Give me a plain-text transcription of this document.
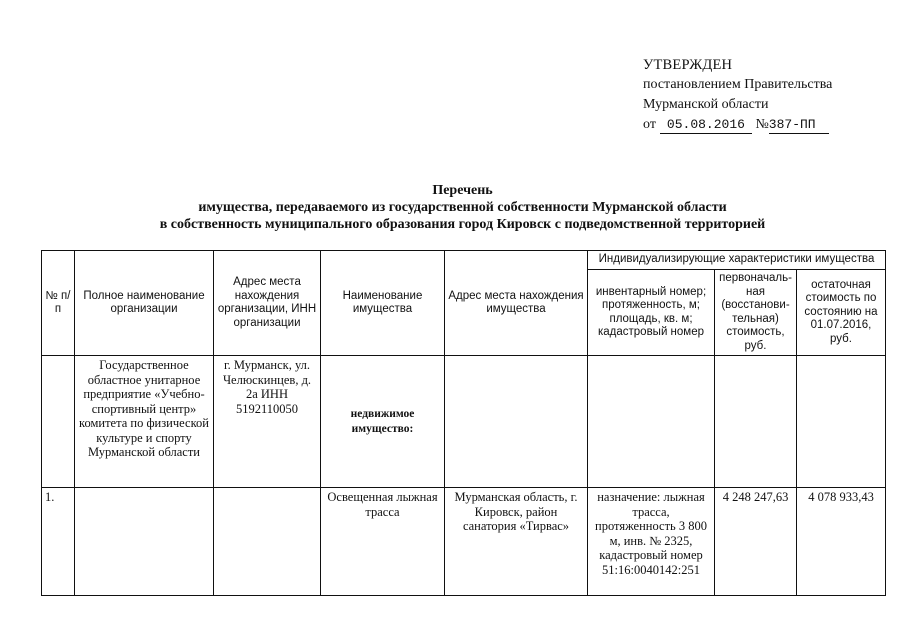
УТВЕРЖДЕН
постановлением Правительства
Мурманской области
от 05.08.2016 №387-ПП
Перечень
имущества, передаваемого из государственной собственности Мурманской области
в собственность муниципального образования город Кировск с подведомственной территорией
№ п/п	Полное наименование организации	Адрес места нахождения организации, ИНН организации	Наименование имущества	Адрес места нахождения имущества	Индивидуализирующие характеристики имущества		
					инвентарный номер; протяженность, м; площадь, кв. м; кадастровый номер	первоначаль-ная (восстанови-тельная) стоимость, руб.	остаточная стоимость по состоянию на 01.07.2016, руб.
	Государственное областное унитарное предприятие «Учебно-спортивный центр» комитета по физической культуре и спорту Мурманской области	г. Мурманск, ул. Челюскинцев, д. 2а ИНН 5192110050	недвижимое имущество:				
1.			Освещенная лыжная трасса	Мурманская область, г. Кировск, район санатория «Тирвас»	назначение: лыжная трасса, протяженность 3 800 м, инв. № 2325, кадастровый номер 51:16:0040142:251	4 248 247,63	4 078 933,43
